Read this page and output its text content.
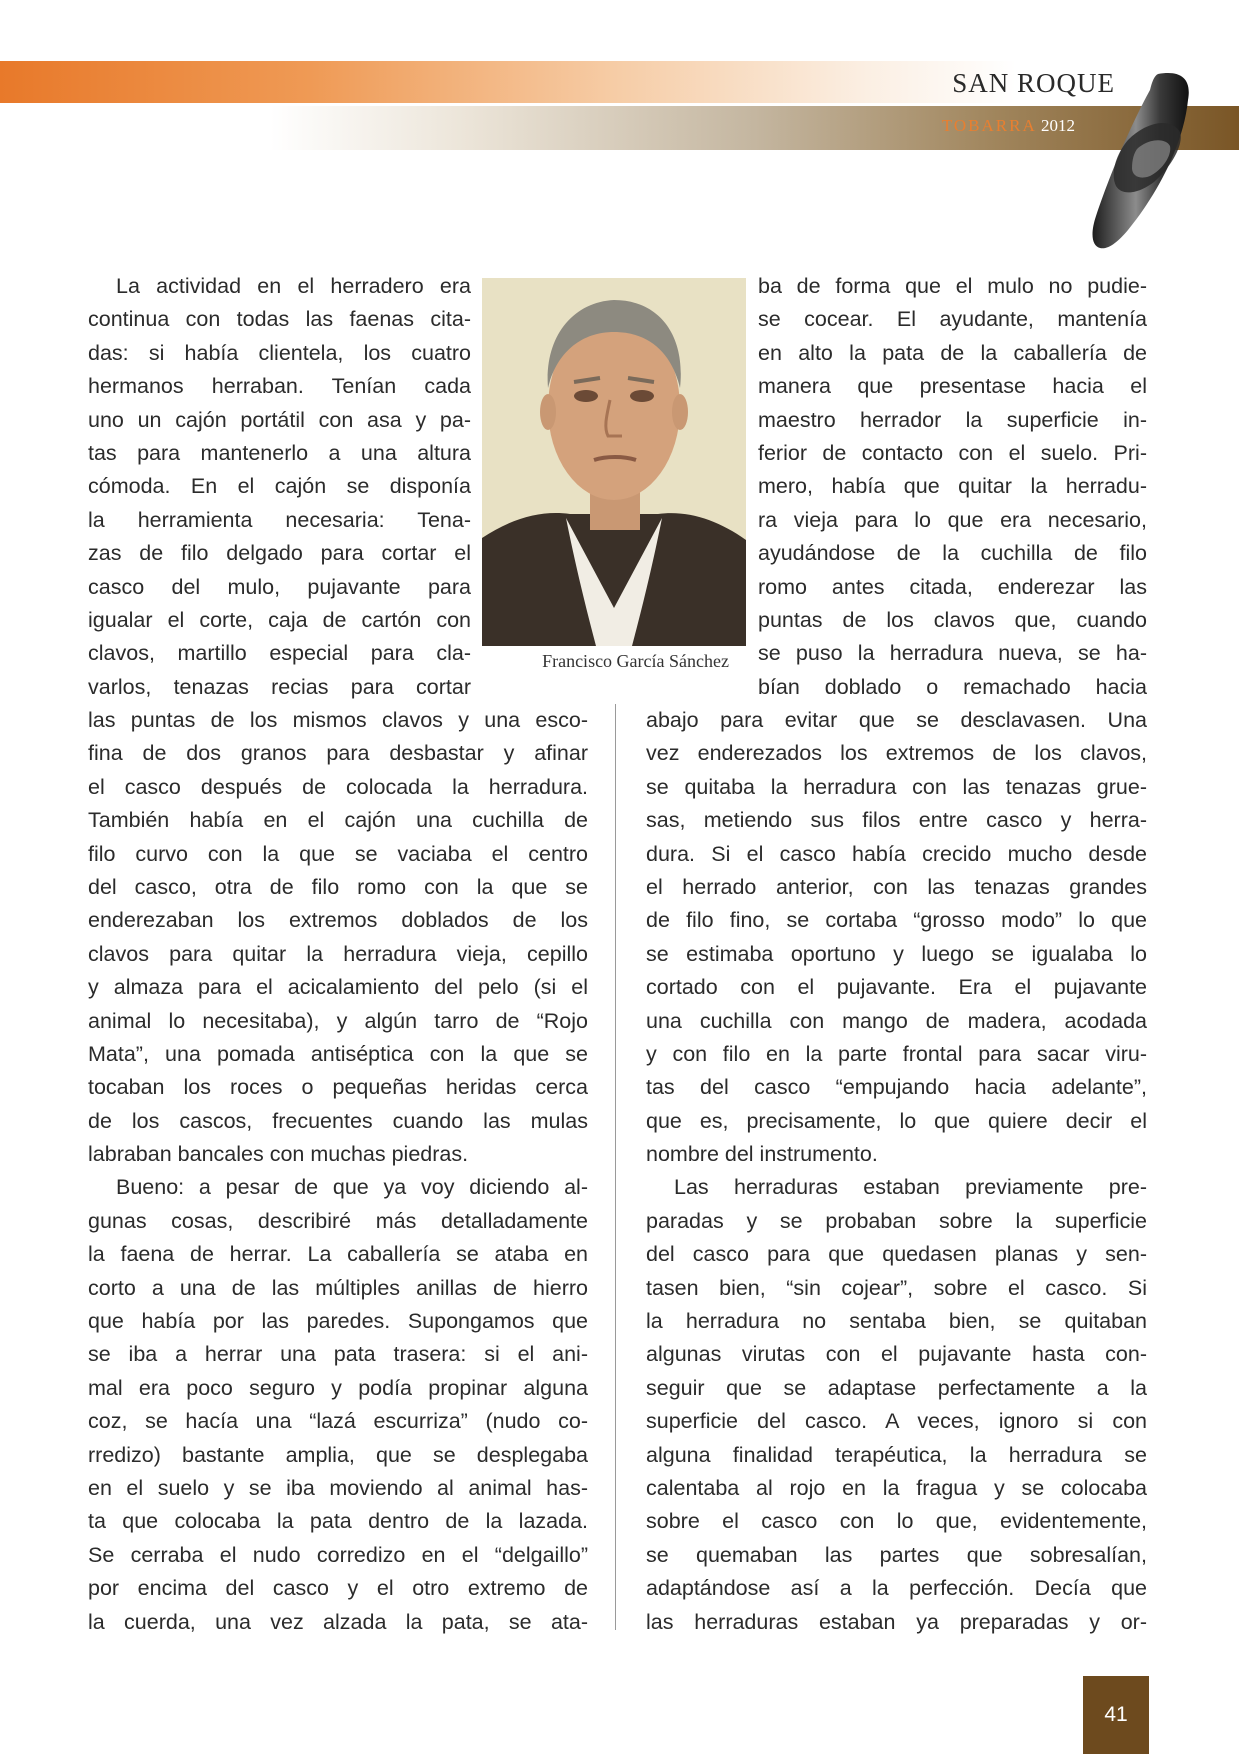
SAN ROQUE
TOBARRA 2012
La actividad en el herradero era
continua con todas las faenas cita-
das: si había clientela, los cuatro
hermanos herraban. Tenían cada
uno un cajón portátil con asa y pa-
tas para mantenerlo a una altura
cómoda. En el cajón se disponía
la herramienta necesaria: Tena-
zas de filo delgado para cortar el
casco del mulo, pujavante para
igualar el corte, caja de cartón con
clavos, martillo especial para cla-
varlos, tenazas recias para cortar
Francisco García Sánchez
ba de forma que el mulo no pudie-
se cocear. El ayudante, mantenía
en alto la pata de la caballería de
manera que presentase hacia el
maestro herrador la superficie in-
ferior de contacto con el suelo. Pri-
mero, había que quitar la herradu-
ra vieja para lo que era necesario,
ayudándose de la cuchilla de filo
romo antes citada, enderezar las
puntas de los clavos que, cuando
se puso la herradura nueva, se ha-
bían doblado o remachado hacia
las puntas de los mismos clavos y una esco-
fina de dos granos para desbastar y afinar
el casco después de colocada la herradura.
También había en el cajón una cuchilla de
filo curvo con la que se vaciaba el centro
del casco, otra de filo romo con la que se
enderezaban los extremos doblados de los
clavos para quitar la herradura vieja, cepillo
y almaza para el acicalamiento del pelo (si el
animal lo necesitaba), y algún tarro de “Rojo
Mata”, una pomada antiséptica con la que se
tocaban los roces o pequeñas heridas cerca
de los cascos, frecuentes cuando las mulas
labraban bancales con muchas piedras.
Bueno: a pesar de que ya voy diciendo al-
gunas cosas, describiré más detalladamente
la faena de herrar. La caballería se ataba en
corto a una de las múltiples anillas de hierro
que había por las paredes. Supongamos que
se iba a herrar una pata trasera: si el ani-
mal era poco seguro y podía propinar alguna
coz, se hacía una “lazá escurriza” (nudo co-
rredizo) bastante amplia, que se desplegaba
en el suelo y se iba moviendo al animal has-
ta que colocaba la pata dentro de la lazada.
Se cerraba el nudo corredizo en el “delgaillo”
por encima del casco y el otro extremo de
la cuerda, una vez alzada la pata, se ata-
abajo para evitar que se desclavasen. Una
vez enderezados los extremos de los clavos,
se quitaba la herradura con las tenazas grue-
sas, metiendo sus filos entre casco y herra-
dura. Si el casco había crecido mucho desde
el herrado anterior, con las tenazas grandes
de filo fino, se cortaba “grosso modo” lo que
se estimaba oportuno y luego se igualaba lo
cortado con el pujavante. Era el pujavante
una cuchilla con mango de madera, acodada
y con filo en la parte frontal para sacar viru-
tas del casco “empujando hacia adelante”,
que es, precisamente, lo que quiere decir el
nombre del instrumento.
Las herraduras estaban previamente pre-
paradas y se probaban sobre la superficie
del casco para que quedasen planas y sen-
tasen bien, “sin cojear”, sobre el casco. Si
la herradura no sentaba bien, se quitaban
algunas virutas con el pujavante hasta con-
seguir que se adaptase perfectamente a la
superficie del casco. A veces, ignoro si con
alguna finalidad terapéutica, la herradura se
calentaba al rojo en la fragua y se colocaba
sobre el casco con lo que, evidentemente,
se quemaban las partes que sobresalían,
adaptándose así a la perfección. Decía que
las herraduras estaban ya preparadas y or-
41
